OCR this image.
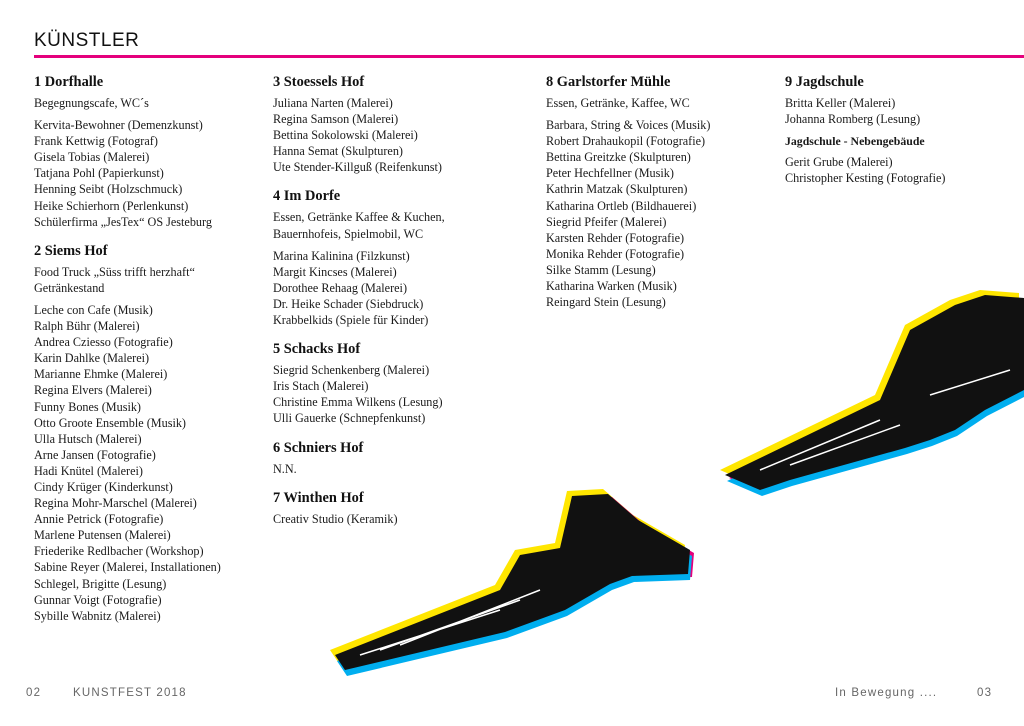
KÜNSTLER
1 Dorfhalle
Begegnungscafe, WC´s
Kervita-Bewohner (Demenzkunst)
Frank Kettwig (Fotograf)
Gisela Tobias (Malerei)
Tatjana Pohl (Papierkunst)
Henning Seibt (Holzschmuck)
Heike Schierhorn (Perlenkunst)
Schülerfirma „JesTex“ OS Jesteburg
2 Siems Hof
Food Truck „Süss trifft herzhaft“
Getränkestand
Leche con Cafe (Musik)
Ralph Bühr (Malerei)
Andrea Cziesso (Fotografie)
Karin Dahlke (Malerei)
Marianne Ehmke (Malerei)
Regina Elvers (Malerei)
Funny Bones (Musik)
Otto Groote Ensemble (Musik)
Ulla Hutsch (Malerei)
Arne Jansen (Fotografie)
Hadi Knütel (Malerei)
Cindy Krüger (Kinderkunst)
Regina Mohr-Marschel (Malerei)
Annie Petrick (Fotografie)
Marlene Putensen (Malerei)
Friederike Redlbacher (Workshop)
Sabine Reyer (Malerei, Installationen)
Schlegel, Brigitte (Lesung)
Gunnar Voigt (Fotografie)
Sybille Wabnitz (Malerei)
3 Stoessels Hof
Juliana Narten (Malerei)
Regina Samson (Malerei)
Bettina Sokolowski (Malerei)
Hanna Semat (Skulpturen)
Ute Stender-Killguß (Reifenkunst)
4 Im Dorfe
Essen, Getränke Kaffee & Kuchen,
Bauernhofeis, Spielmobil, WC
Marina Kalinina (Filzkunst)
Margit Kincses (Malerei)
Dorothee Rehaag (Malerei)
Dr. Heike Schader (Siebdruck)
Krabbelkids (Spiele für Kinder)
5 Schacks Hof
Siegrid Schenkenberg (Malerei)
Iris Stach (Malerei)
Christine Emma Wilkens (Lesung)
Ulli Gauerke (Schnepfenkunst)
6 Schniers Hof
N.N.
7 Winthen Hof
Creativ Studio (Keramik)
8 Garlstorfer Mühle
Essen, Getränke, Kaffee, WC
Barbara, String & Voices (Musik)
Robert Drahaukopil (Fotografie)
Bettina Greitzke (Skulpturen)
Peter Hechfellner (Musik)
Kathrin Matzak (Skulpturen)
Katharina Ortleb (Bildhauerei)
Siegrid Pfeifer (Malerei)
Karsten Rehder (Fotografie)
Monika Rehder (Fotografie)
Silke Stamm (Lesung)
Katharina Warken (Musik)
Reingard Stein (Lesung)
9 Jagdschule
Britta Keller (Malerei)
Johanna Romberg (Lesung)
Jagdschule - Nebengebäude
Gerit Grube (Malerei)
Christopher Kesting (Fotografie)
02	KUNSTFEST 2018	In Bewegung ....	03
